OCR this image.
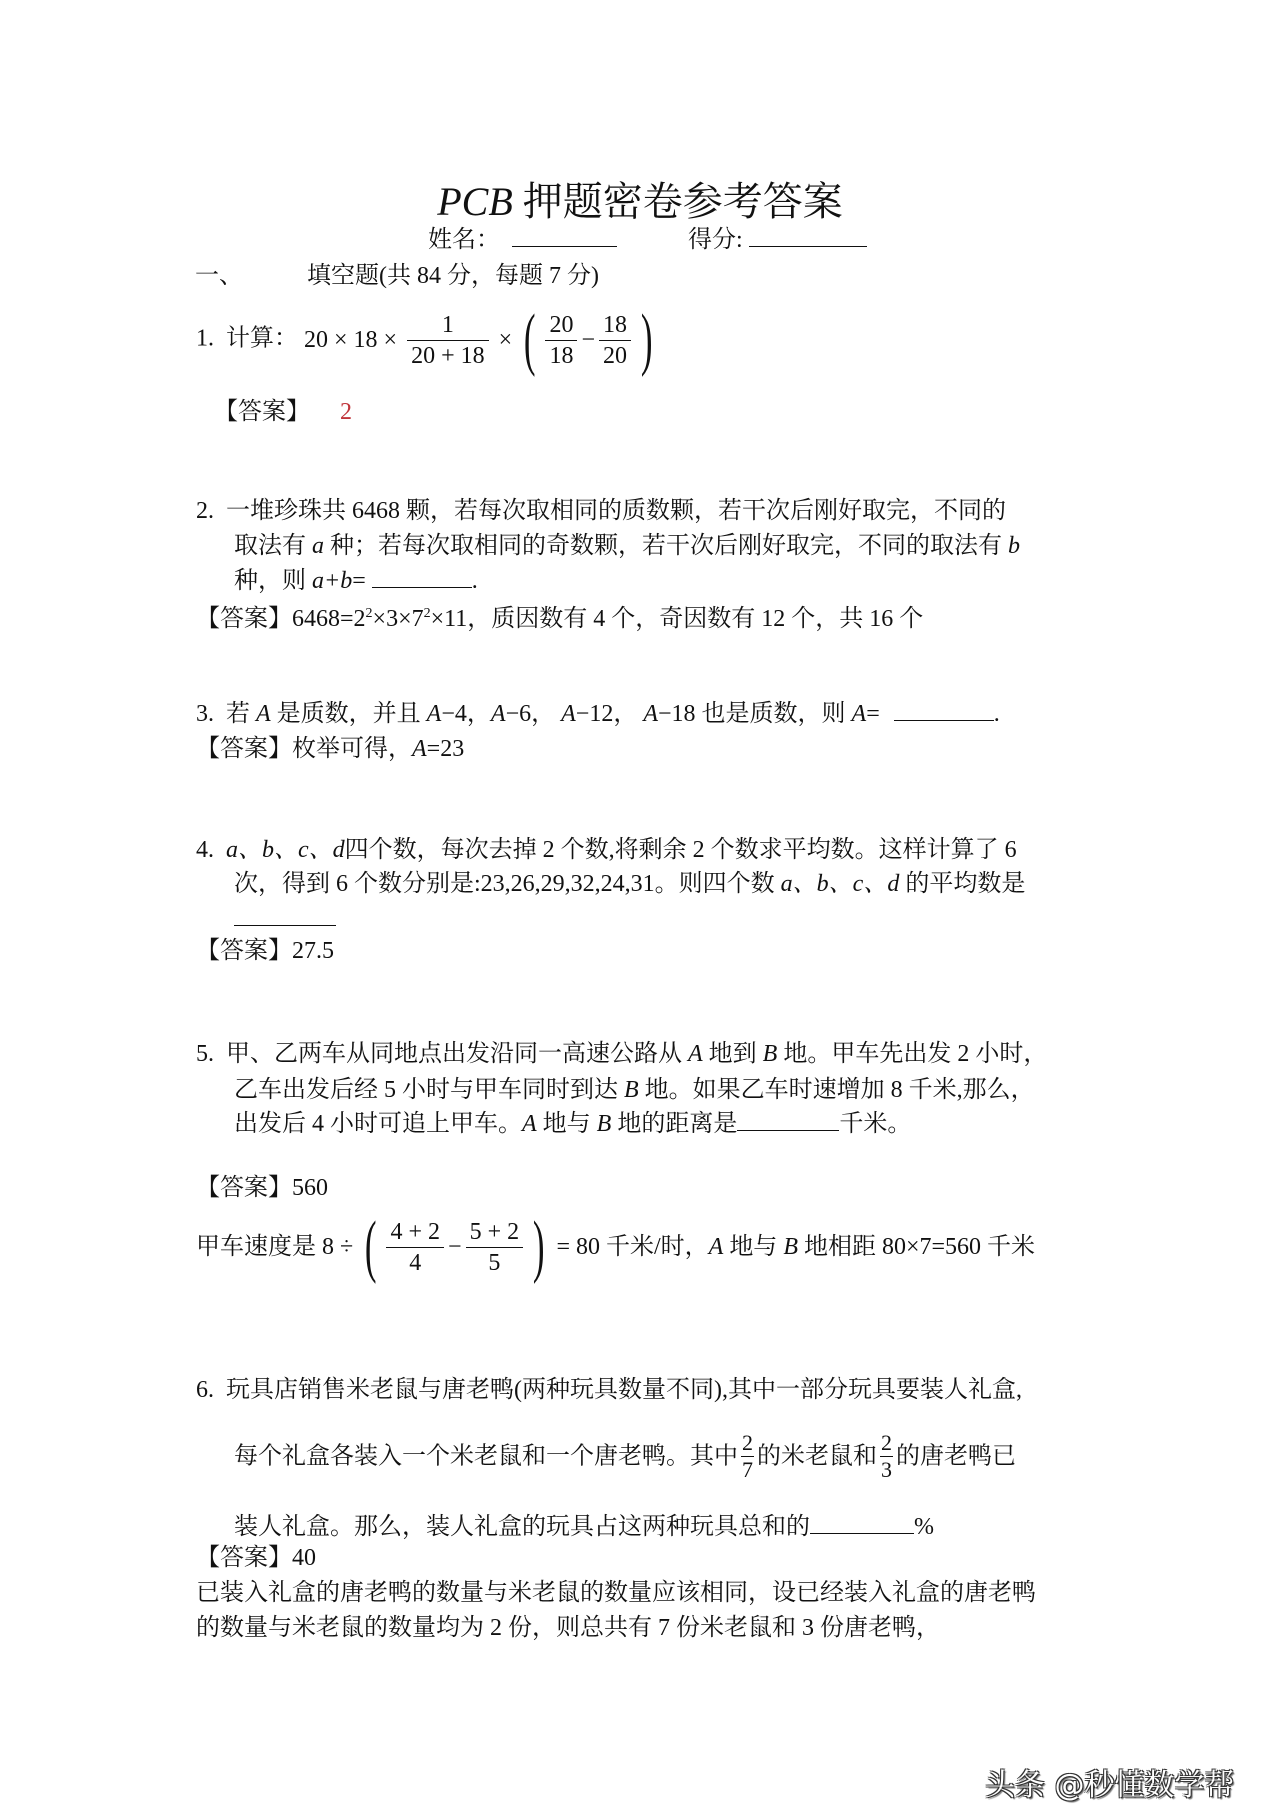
PCB 押题密卷参考答案
姓名：	得分:
一、	填空题(共 84 分，每题 7 分)
1. 计算： $20 \times 18 \times \frac{1}{20 + 18}$ × ( $\frac{20}{18} - \frac{18}{20}$ )
【答案】 2
2. 一堆珍珠共 6468 颗，若每次取相同的质数颗，若干次后刚好取完，不同的
取法有 a 种；若每次取相同的奇数颗，若干次后刚好取完，不同的取法有 b
种，则 a+b=	.
【答案】$6468=2^2\times 3\times 7^2\times 11$，质因数有 4 个，奇因数有 12 个，共 16 个
3. 若 A 是质数，并且 A−4，A−6， A−12， A−18 也是质数，则 A=	.
【答案】枚举可得，A=23
4. a、b、c、d四个数，每次去掉 2 个数,将剩余 2 个数求平均数。这样计算了 6
次，得到 6 个数分别是:23,26,29,32,24,31。则四个数 a、b、c、d 的平均数是
【答案】27.5
5. 甲、乙两车从同地点出发沿同一高速公路从 A 地到 B 地。甲车先出发 2 小时，
乙车出发后经 5 小时与甲车同时到达 B 地。如果乙车时速增加 8 千米,那么，
出发后 4 小时可追上甲车。A 地与 B 地的距离是	千米。
【答案】560
甲车速度是 8 ÷ ( $\frac{4 + 2}{4} - \frac{5 + 2}{5}$ ) = 80 千米/时，A 地与 B 地相距 80×7=560 千米
6. 玩具店销售米老鼠与唐老鸭(两种玩具数量不同),其中一部分玩具要装人礼盒,
每个礼盒各装入一个米老鼠和一个唐老鸭。其中 $\frac{2}{7}$ 的米老鼠和 $\frac{2}{3}$ 的唐老鸭已
装人礼盒。那么，装人礼盒的玩具占这两种玩具总和的	%
【答案】40
已装入礼盒的唐老鸭的数量与米老鼠的数量应该相同，设已经装入礼盒的唐老鸭
的数量与米老鼠的数量均为 2 份，则总共有 7 份米老鼠和 3 份唐老鸭，
头条 @秒懂数学帮
